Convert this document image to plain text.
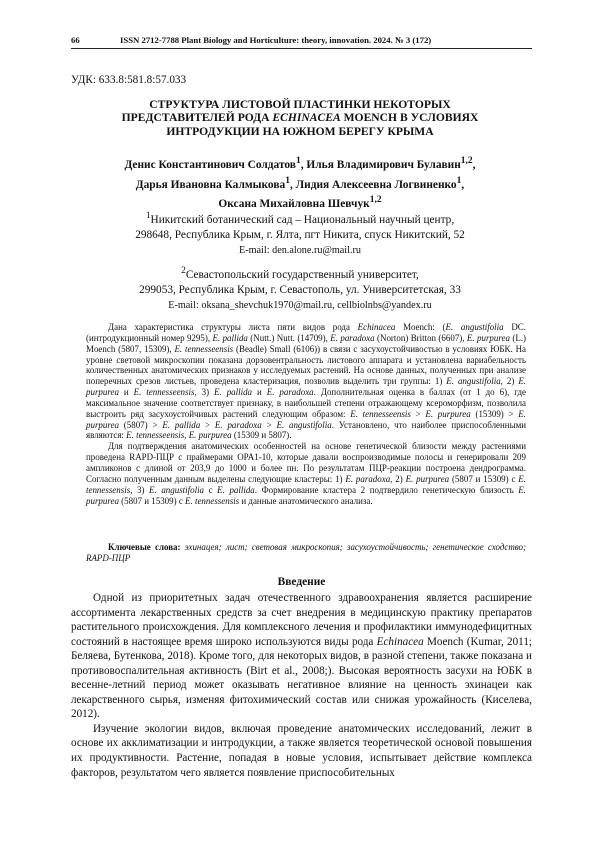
66	ISSN 2712-7788 Plant Biology and Horticulture: theory, innovation. 2024. № 3 (172)
УДК: 633.8:581.8:57.033
СТРУКТУРА ЛИСТОВОЙ ПЛАСТИНКИ НЕКОТОРЫХ
ПРЕДСТАВИТЕЛЕЙ РОДА ECHINACEA MOENCH В УСЛОВИЯХ
ИНТРОДУКЦИИ НА ЮЖНОМ БЕРЕГУ КРЫМА
Денис Константинович Солдатов$^1$, Илья Владимирович Булавин$^{1,2}$,
Дарья Ивановна Калмыкова$^1$, Лидия Алексеевна Логвиненко$^1$,
Оксана Михайловна Шевчук$^{1,2}$
$^1$Никитский ботанический сад – Национальный научный центр,
298648, Республика Крым, г. Ялта, пгт Никита, спуск Никитский, 52
E-mail: den.alone.ru@mail.ru
$^2$Севастопольский государственный университет,
299053, Республика Крым, г. Севастополь, ул. Университетская, 33
E-mail: oksana_shevchuk1970@mail.ru, cellbiolnbs@yandex.ru

Дана характеристика структуры листа пяти видов рода Echinacea Moench: (E. angustifolia DC. (интродукционный номер 9295), E. pallida (Nutt.) Nutt. (14709), E. paradoxa (Norton) Britton (6607), E. purpurea (L.) Moench (5807, 15309), E. tennesseensis (Beadle) Small (6106)) в связи с засухоустойчивостью в условиях ЮБК. На уровне световой микроскопии показана дорзовентральность листового аппарата и установлена вариабельность количественных анатомических признаков у исследуемых растений. На основе данных, полученных при анализе поперечных срезов листьев, проведена кластеризация, позволив выделить три группы: 1) E. angustifolia, 2) E. purpurea и E. tennesseensis, 3) E. pallida и E. paradoxa. Дополнительная оценка в баллах (от 1 до 6), где максимальное значение соответствует признаку, в наибольшей степени отражающему ксероморфизм, позволила выстроить ряд засухоустойчивых растений следующим образом: E. tennesseensis > E. purpurea (15309) > E. purpurea (5807) > E. pallida > E. paradoxa > E. angustifolia. Установлено, что наиболее приспособленными являются: E. tennesseensis, E. purpurea (15309 и 5807).

Для подтверждения анатомических особенностей на основе генетической близости между растениями проведена RAPD-ПЦР с праймерами OPA1-10, которые давали воспроизводимые полосы и генерировали 209 ампликонов с длиной от 203,9 до 1000 и более пн. По результатам ПЦР-реакции построена дендрограмма. Согласно полученным данным выделены следующие кластеры: 1) E. paradoxa, 2) E. purpurea (5807 и 15309) с E. tennessensis, 3) E. angustifolia с E. pallida. Формирование кластера 2 подтвердило генетическую близость E. purpurea (5807 и 15309) с E. tennessensis и данные анатомического анализа.

Ключевые слова: эхинацея; лист; световая микроскопия; засухоустойчивость; генетическое сходство; RAPD-ПЦР
Введение

Одной из приоритетных задач отечественного здравоохранения является расширение ассортимента лекарственных средств за счет внедрения в медицинскую практику препаратов растительного происхождения. Для комплексного лечения и профилактики иммунодефицитных состояний в настоящее время широко используются виды рода Echinacea Moench (Kumar, 2011; Беляева, Бутенкова, 2018). Кроме того, для некоторых видов, в разной степени, также показана и противовоспалительная активность (Birt et al., 2008;). Высокая вероятность засухи на ЮБК в весенне-летний период может оказывать негативное влияние на ценность эхинацеи как лекарственного сырья, изменяя фитохимический состав или снижая урожайность (Киселева, 2012).

Изучение экологии видов, включая проведение анатомических исследований, лежит в основе их акклиматизации и интродукции, а также является теоретической основой повышения их продуктивности. Растение, попадая в новые условия, испытывает действие комплекса факторов, результатом чего является появление приспособительных
